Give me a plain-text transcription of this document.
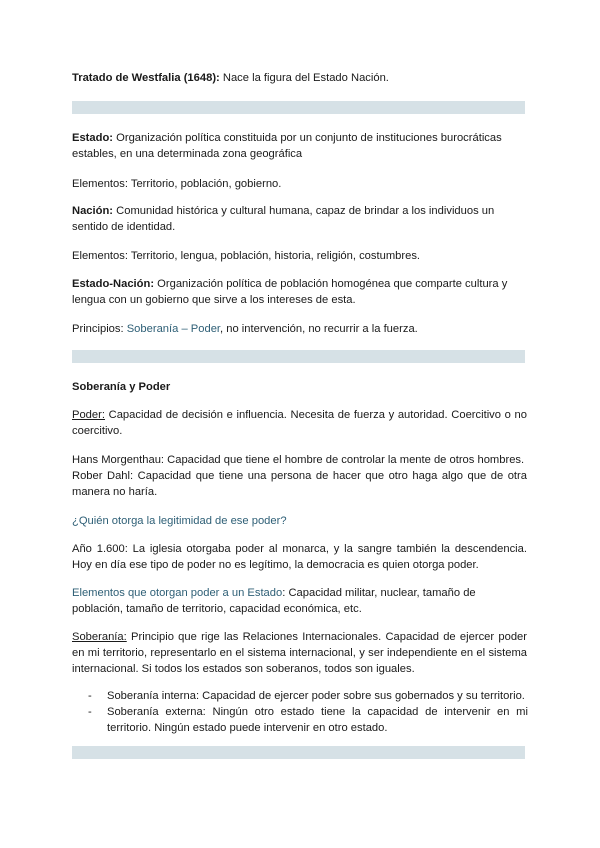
Tratado de Westfalia (1648): Nace la figura del Estado Nación.
Estado: Organización política constituida por un conjunto de instituciones burocráticas estables, en una determinada zona geográfica
Elementos: Territorio, población, gobierno.
Nación: Comunidad histórica y cultural humana, capaz de brindar a los individuos un sentido de identidad.
Elementos: Territorio, lengua, población, historia, religión, costumbres.
Estado-Nación: Organización política de población homogénea que comparte cultura y lengua con un gobierno que sirve a los intereses de esta.
Principios: Soberanía – Poder, no intervención, no recurrir a la fuerza.
Soberanía y Poder
Poder: Capacidad de decisión e influencia. Necesita de fuerza y autoridad. Coercitivo o no coercitivo.
Hans Morgenthau: Capacidad que tiene el hombre de controlar la mente de otros hombres.
Rober Dahl: Capacidad que tiene una persona de hacer que otro haga algo que de otra manera no haría.
¿Quién otorga la legitimidad de ese poder?
Año 1.600: La iglesia otorgaba poder al monarca, y la sangre también la descendencia. Hoy en día ese tipo de poder no es legítimo, la democracia es quien otorga poder.
Elementos que otorgan poder a un Estado: Capacidad militar, nuclear, tamaño de población, tamaño de territorio, capacidad económica, etc.
Soberanía: Principio que rige las Relaciones Internacionales. Capacidad de ejercer poder en mi territorio, representarlo en el sistema internacional, y ser independiente en el sistema internacional. Si todos los estados son soberanos, todos son iguales.
- Soberanía interna: Capacidad de ejercer poder sobre sus gobernados y su territorio.
- Soberanía externa: Ningún otro estado tiene la capacidad de intervenir en mi territorio. Ningún estado puede intervenir en otro estado.
